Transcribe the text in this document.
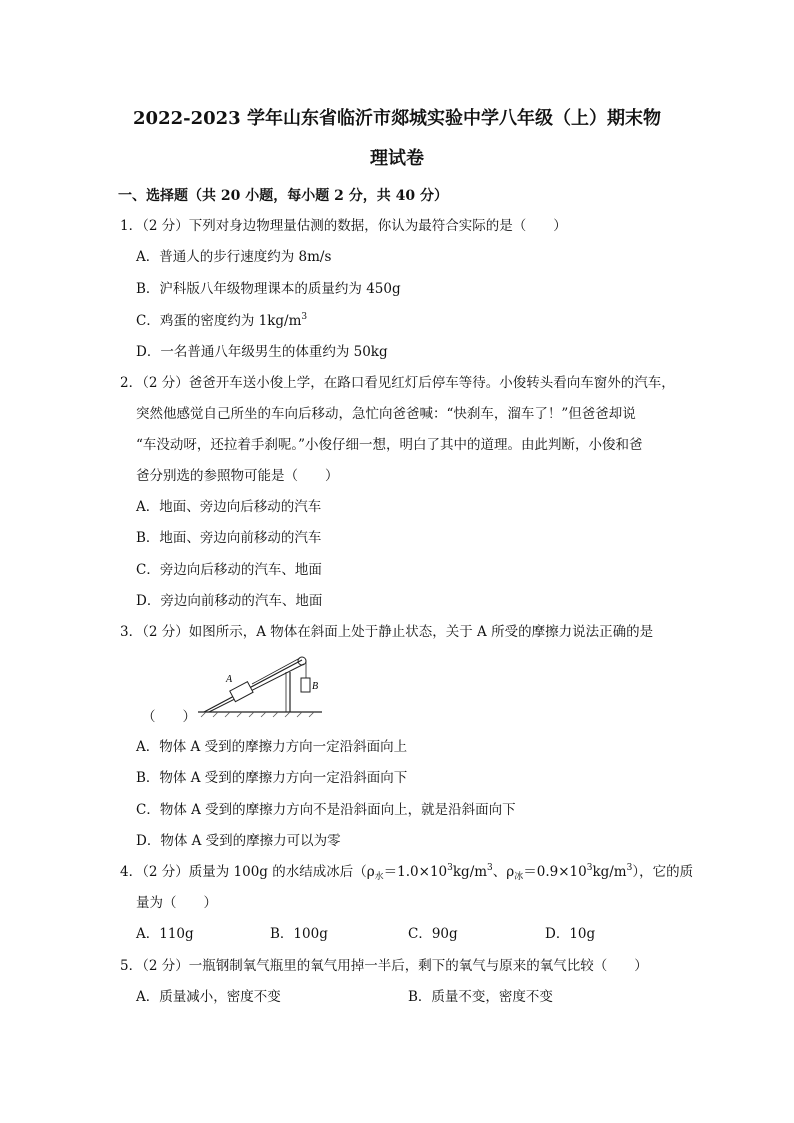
2022-2023 学年山东省临沂市郯城实验中学八年级（上）期末物
理试卷
一、选择题（共 20 小题，每小题 2 分，共 40 分）
1．（2 分）下列对身边物理量估测的数据，你认为最符合实际的是（　　）
A．普通人的步行速度约为 8m/s
B．沪科版八年级物理课本的质量约为 450g
C．鸡蛋的密度约为 $1kg/m^3$
D．一名普通八年级男生的体重约为 50kg
2．（2 分）爸爸开车送小俊上学，在路口看见红灯后停车等待。小俊转头看向车窗外的汽车，
突然他感觉自己所坐的车向后移动，急忙向爸爸喊：“快刹车，溜车了！”但爸爸却说
“车没动呀，还拉着手刹呢。”小俊仔细一想，明白了其中的道理。由此判断，小俊和爸
爸分别选的参照物可能是（　　）
A．地面、旁边向后移动的汽车
B．地面、旁边向前移动的汽车
C．旁边向后移动的汽车、地面
D．旁边向前移动的汽车、地面
3．（2 分）如图所示，A 物体在斜面上处于静止状态，关于 A 所受的摩擦力说法正确的是
A
B
（　　）
A．物体 A 受到的摩擦力方向一定沿斜面向上
B．物体 A 受到的摩擦力方向一定沿斜面向下
C．物体 A 受到的摩擦力方向不是沿斜面向上，就是沿斜面向下
D．物体 A 受到的摩擦力可以为零
4．（2 分）质量为 100g 的水结成冰后（$\rho_水=1.0\times 10^3kg/m^3$、$\rho_冰=0.9\times 10^3kg/m^3$），它的质
量为（　　）
A．110g	B．100g	C．90g	D．10g
5．（2 分）一瓶钢制氧气瓶里的氧气用掉一半后，剩下的氧气与原来的氧气比较（　　）
A．质量减小，密度不变	B．质量不变，密度不变
